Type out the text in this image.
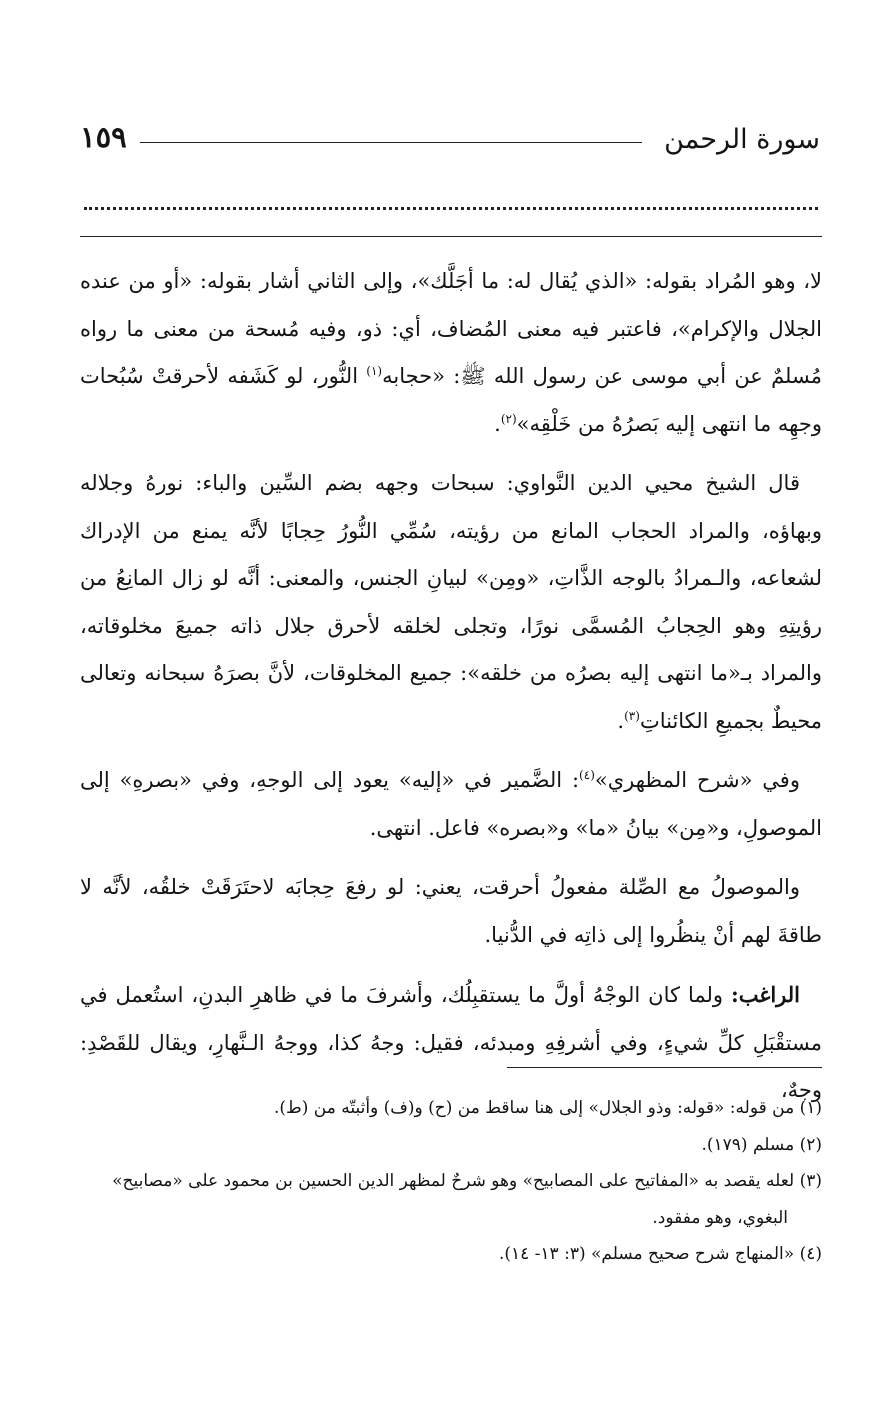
سورة الرحمن
١٥٩

لا، وهو المُراد بقوله: «الذي يُقال له: ما أجَلَّك»، وإلى الثاني أشار بقوله: «أو من عنده الجلال والإكرام»، فاعتبر فيه معنى المُضاف، أي: ذو، وفيه مُسحة من معنى ما رواه مُسلمٌ عن أبي موسى عن رسول الله ﷺ: «حجابه$^{(١)}$ النُّور، لو كَشَفه لأحرقتْ سُبُحات وجهِه ما انتهى إليه بَصرُهُ من خَلْقِه»$^{(٢)}$.

قال الشيخ محيي الدين النَّواوي: سبحات وجهه بضم السِّين والباء: نورهُ وجلاله وبهاؤه، والمراد الحجاب المانع من رؤيته، سُمِّي النُّورُ حِجابًا لأنَّه يمنع من الإدراك لشعاعه، والـمرادُ بالوجه الذَّاتِ، «ومِن» لبيانِ الجنس، والمعنى: أنَّه لو زال المانِعُ من رؤيتِهِ وهو الحِجابُ المُسمَّى نورًا، وتجلى لخلقه لأحرق جلال ذاته جميعَ مخلوقاته، والمراد بـ«ما انتهى إليه بصرُه من خلقه»: جميع المخلوقات، لأنَّ بصرَهُ سبحانه وتعالى محيطٌ بجميعِ الكائناتِ$^{(٣)}$.

وفي «شرح المظهري»$^{(٤)}$: الضَّمير في «إليه» يعود إلى الوجهِ، وفي «بصرهِ» إلى الموصولِ، و«مِن» بيانُ «ما» و«بصره» فاعل. انتهى.

والموصولُ مع الصِّلة مفعولُ أحرقت، يعني: لو رفعَ حِجابَه لاحتَرَقَتْ خلقُه، لأنَّه لا طاقةَ لهم أنْ ينظُروا إلى ذاتِه في الدُّنيا.

الراغب: ولما كان الوجْهُ أولَّ ما يستقبِلُك، وأشرفَ ما في ظاهرِ البدنِ، استُعمل في مستقْبَلِ كلِّ شيءٍ، وفي أشرفِهِ ومبدئه، فقيل: وجهُ كذا، ووجهُ الـنَّهارِ، ويقال للقَصْدِ: وجهٌ،

(١) من قوله: «قوله: وذو الجلال» إلى هنا ساقط من (ح) و(ف) وأثبتّه من (ط).

(٢) مسلم (١٧٩).

(٣) لعله يقصد به «المفاتيح على المصابيح» وهو شرحٌ لمظهر الدين الحسين بن محمود على «مصابيح»

البغوي، وهو مفقود.

(٤) «المنهاج شرح صحيح مسلم» (٣: ١٣- ١٤).
